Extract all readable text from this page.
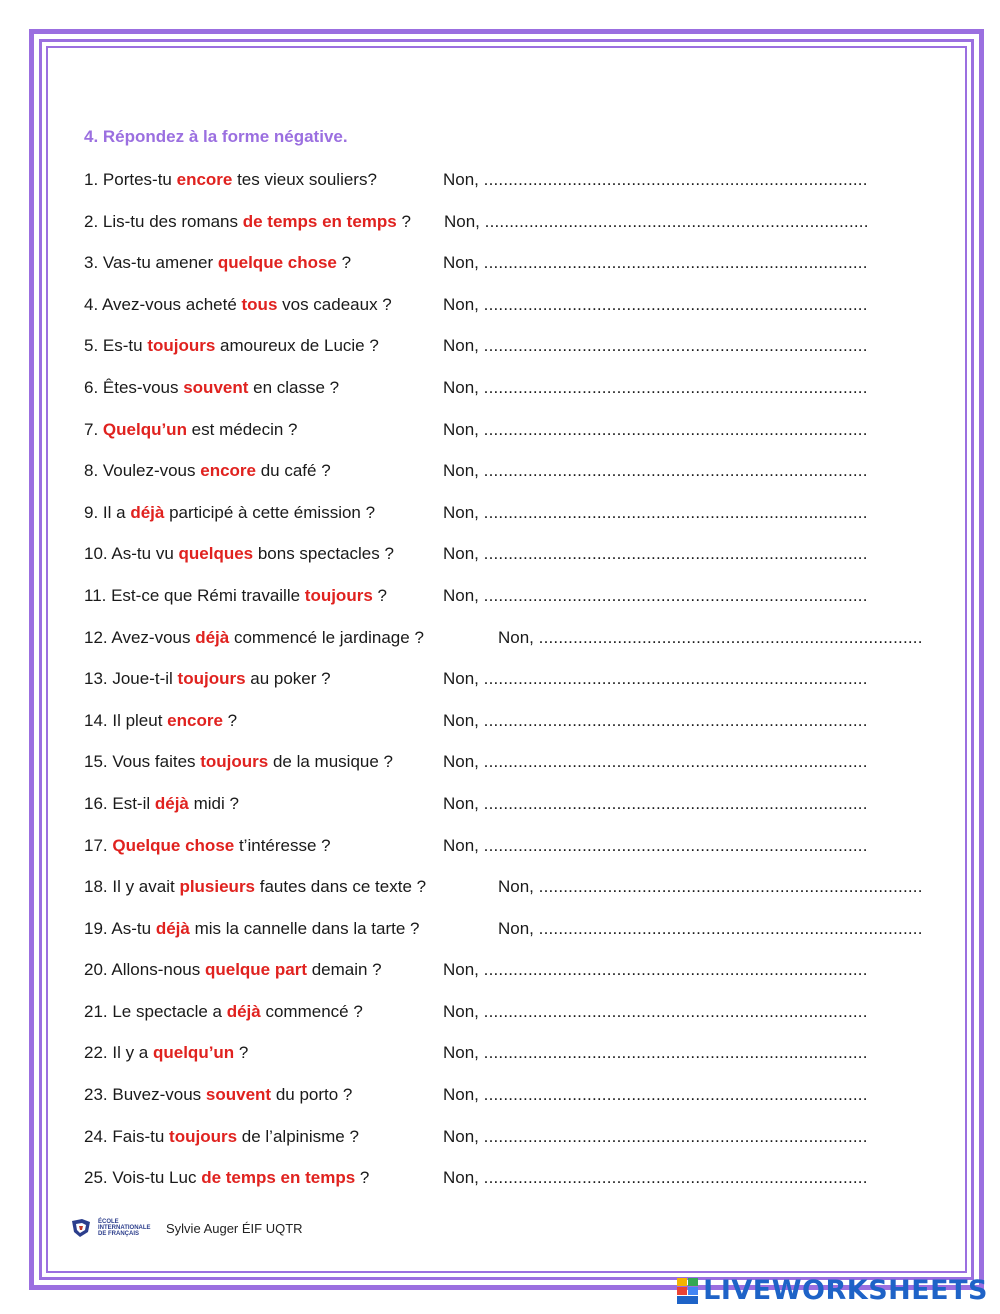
4. Répondez à la forme négative.
1. Portes-tu encore tes vieux souliers?	Non, ..............................................................................
2. Lis-tu des romans de temps en temps ? Non, ..............................................................................
3. Vas-tu amener quelque chose ?	Non, ..............................................................................
4. Avez-vous acheté tous vos cadeaux ?	Non, ..............................................................................
5. Es-tu toujours amoureux de Lucie ?	Non, ..............................................................................
6. Êtes-vous souvent en classe ?	Non, ..............................................................................
7. Quelqu’un est médecin ?	Non, ..............................................................................
8. Voulez-vous encore du café ?	Non, ..............................................................................
9. Il a déjà participé à cette émission ?	Non, ..............................................................................
10. As-tu vu quelques bons spectacles ?	Non, ..............................................................................
11. Est-ce que Rémi travaille toujours ?	Non, ..............................................................................
12. Avez-vous déjà commencé le jardinage ?	Non, ..............................................................................
13. Joue-t-il toujours au poker ?	Non, ..............................................................................
14. Il pleut encore ?	Non, ..............................................................................
15. Vous faites toujours de la musique ?	Non, ..............................................................................
16. Est-il déjà midi ?	Non, ..............................................................................
17. Quelque chose t’intéresse ?	Non, ..............................................................................
18. Il y avait plusieurs fautes dans ce texte ?	Non, ..............................................................................
19. As-tu déjà mis la cannelle dans la tarte ?	Non, ..............................................................................
20. Allons-nous quelque part demain ?	Non, ..............................................................................
21. Le spectacle a déjà commencé ?	Non, ..............................................................................
22. Il y a quelqu’un ?	Non, ..............................................................................
23. Buvez-vous souvent du porto ?	Non, ..............................................................................
24. Fais-tu toujours de l’alpinisme ?	Non, ..............................................................................
25. Vois-tu Luc de temps en temps ?	Non, ..............................................................................
ÉCOLE INTERNATIONALE DE FRANÇAIS	Sylvie Auger ÉIF UQTR
LIVEWORKSHEETS
